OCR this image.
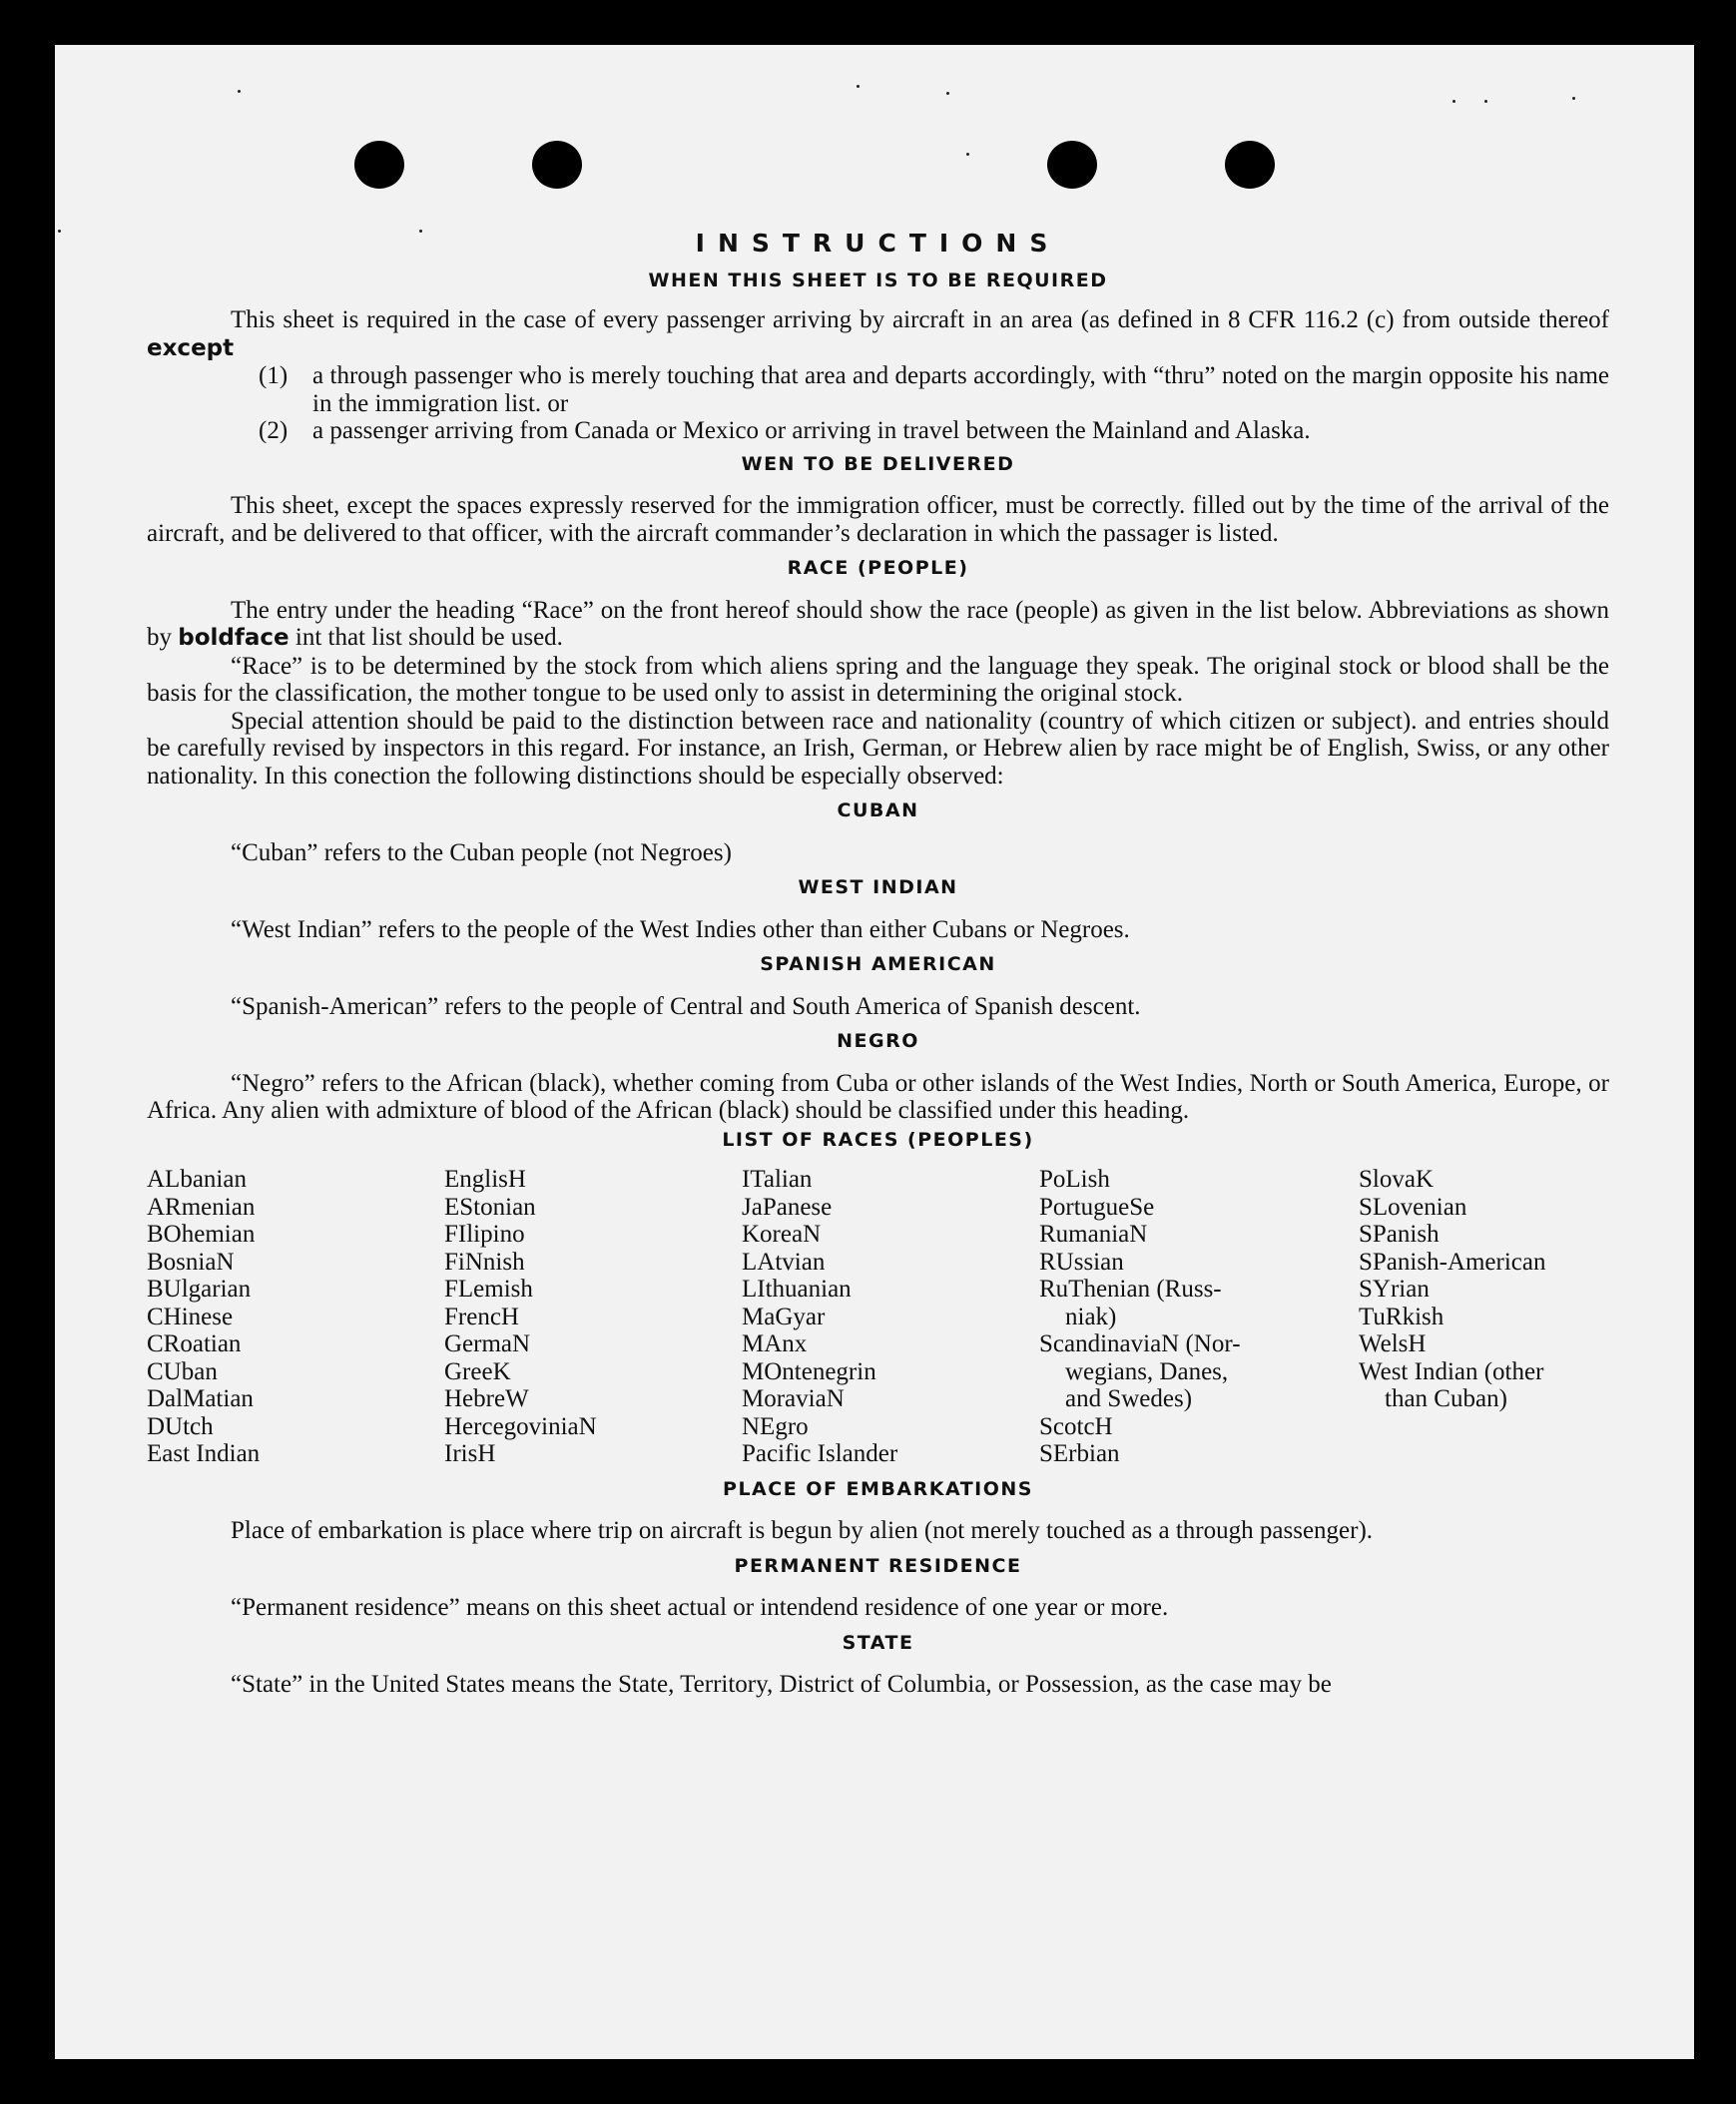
INSTRUCTIONS
WHEN THIS SHEET IS TO BE REQUIRED

This sheet is required in the case of every passenger arriving by aircraft in an area (as defined in 8 CFR 116.2 (c) from outside thereof except

(1) a through passenger who is merely touching that area and departs accordingly, with “thru” noted on the margin opposite his name in the immigration list. or
(2) a passenger arriving from Canada or Mexico or arriving in travel between the Mainland and Alaska.
WEN TO BE DELIVERED

This sheet, except the spaces expressly reserved for the immigration officer, must be correctly. filled out by the time of the arrival of the aircraft, and be delivered to that officer, with the aircraft commander’s declaration in which the passager is listed.

RACE (PEOPLE)

The entry under the heading “Race” on the front hereof should show the race (people) as given in the list below. Abbreviations as shown by boldface int that list should be used.

“Race” is to be determined by the stock from which aliens spring and the language they speak. The original stock or blood shall be the basis for the classification, the mother tongue to be used only to assist in determining the original stock.

Special attention should be paid to the distinction between race and nationality (country of which citizen or subject). and entries should be carefully revised by inspectors in this regard. For instance, an Irish, German, or Hebrew alien by race might be of English, Swiss, or any other nationality. In this conection the following distinctions should be especially observed:

CUBAN

“Cuban” refers to the Cuban people (not Negroes)

WEST INDIAN

“West Indian” refers to the people of the West Indies other than either Cubans or Negroes.

SPANISH AMERICAN

“Spanish-American” refers to the people of Central and South America of Spanish descent.

NEGRO

“Negro” refers to the African (black), whether coming from Cuba or other islands of the West Indies, North or South America, Europe, or Africa. Any alien with admixture of blood of the African (black) should be classified under this heading.

LIST OF RACES (PEOPLES)
ALbanian
ARmenian
BOhemian
BosniaN
BUlgarian
CHinese
CRoatian
CUban
DalMatian
DUtch
East Indian
EnglisH
EStonian
FIlipino
FiNnish
FLemish
FrencH
GermaN
GreeK
HebreW
HercegoviniaN
IrisH
ITalian
JaPanese
KoreaN
LAtvian
LIthuanian
MaGyar
MAnx
MOntenegrin
MoraviaN
NEgro
Pacific Islander
PoLish
PortugueSe
RumaniaN
RUssian
RuThenian (Russ-
niak)
ScandinaviaN (Nor-
wegians, Danes,
and Swedes)
ScotcH
SErbian
SlovaK
SLovenian
SPanish
SPanish-American
SYrian
TuRkish
WelsH
West Indian (other
than Cuban)
PLACE OF EMBARKATIONS

Place of embarkation is place where trip on aircraft is begun by alien (not merely touched as a through passenger).

PERMANENT RESIDENCE

“Permanent residence” means on this sheet actual or intendend residence of one year or more.

STATE

“State” in the United States means the State, Territory, District of Columbia, or Possession, as the case may be
